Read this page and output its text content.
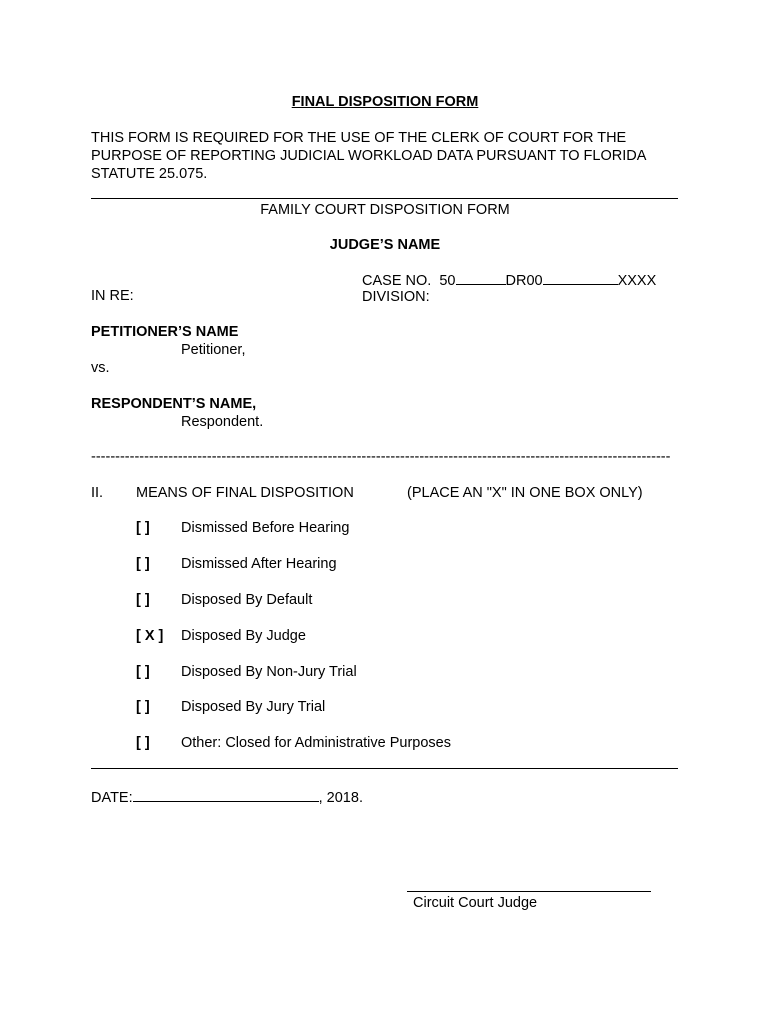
FINAL DISPOSITION FORM
THIS FORM IS REQUIRED FOR THE USE OF THE CLERK OF COURT FOR THE PURPOSE OF REPORTING JUDICIAL WORKLOAD DATA PURSUANT TO FLORIDA STATUTE 25.075.
FAMILY COURT DISPOSITION FORM
JUDGE’S NAME
CASE NO. 50	DR00	XXXX
DIVISION:
IN RE:
PETITIONER’S NAME
Petitioner,
vs.
RESPONDENT’S NAME,
Respondent.
------------------------------------------------------------------------------------------------------------------------
II. MEANS OF FINAL DISPOSITION	(PLACE AN "X" IN ONE BOX ONLY)
[ ] Dismissed Before Hearing
[ ] Dismissed After Hearing
[ ] Disposed By Default
[ X ] Disposed By Judge
[ ] Disposed By Non-Jury Trial
[ ] Disposed By Jury Trial
[ ] Other: Closed for Administrative Purposes
DATE:	, 2018.
Circuit Court Judge
